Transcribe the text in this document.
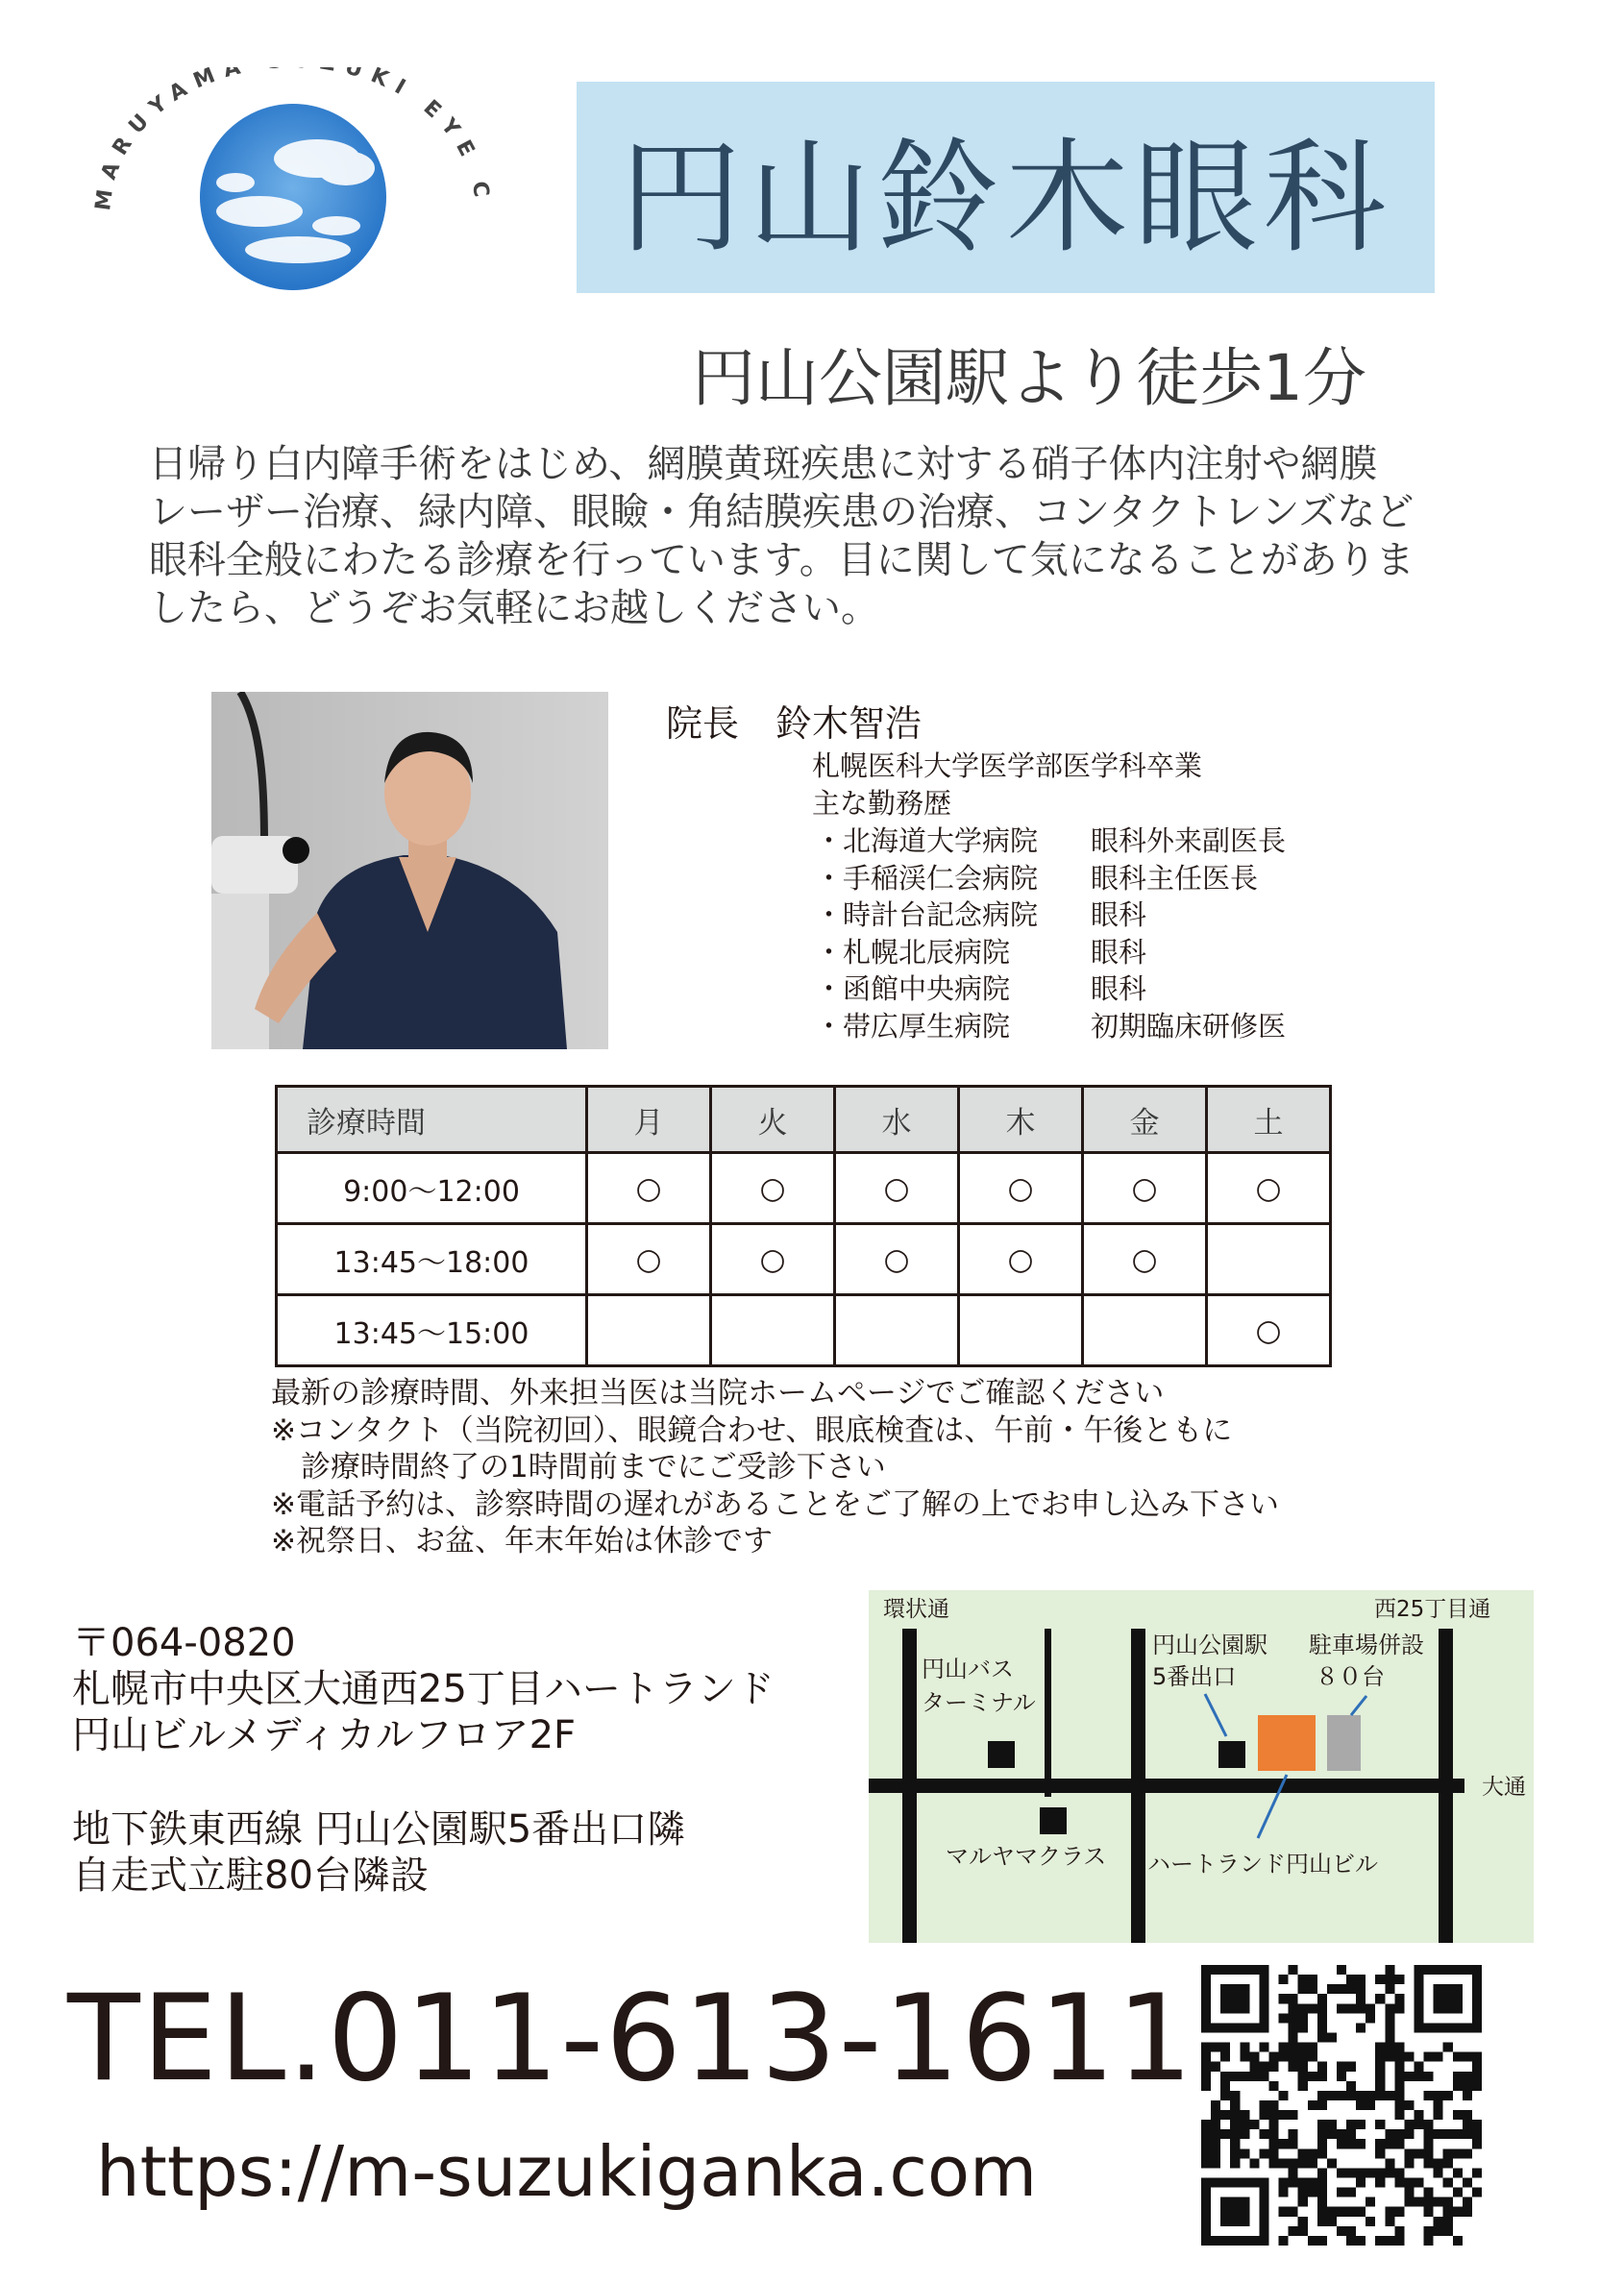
MARUYAMA UKI EYE C 円山鈴木眼科
円山公園駅より徒歩1分
日帰り白内障手術をはじめ、網膜黄斑疾患に対する硝子体内注射や網膜
レーザー治療、緑内障、眼瞼・角結膜疾患の治療、コンタクトレンズなど
眼科全般にわたる診療を行っています。目に関して気になることがありま
したら、どうぞお気軽にお越しください。
院長　鈴木智浩
札幌医科大学医学部医学科卒業
主な勤務歴
・北海道大学病院	眼科外来副医長
・手稲渓仁会病院	眼科主任医長
・時計台記念病院	眼科
・札幌北辰病院	眼科
・函館中央病院	眼科
・帯広厚生病院	初期臨床研修医
診療時間	月	火	水	木	金	土
9:00～12:00	○	○	○	○	○	○
13:45～18:00	○	○	○	○	○	
13:45～15:00						○
最新の診療時間、外来担当医は当院ホームページでご確認ください
※コンタクト（当院初回）、眼鏡合わせ、眼底検査は、午前・午後ともに
　診療時間終了の1時間前までにご受診下さい
※電話予約は、診察時間の遅れがあることをご了解の上でお申し込み下さい
※祝祭日、お盆、年末年始は休診です
〒064-0820
札幌市中央区大通西25丁目ハートランド
円山ビルメディカルフロア2F
地下鉄東西線 円山公園駅5番出口隣
自走式立駐80台隣設
環状通	西25丁目通
大通
円山バス
ターミナル
円山公園駅
5番出口
駐車場併設
８０台
マルヤマクラス ハートランド円山ビル
TEL.011-613-1611
https://m-suzukiganka.com
